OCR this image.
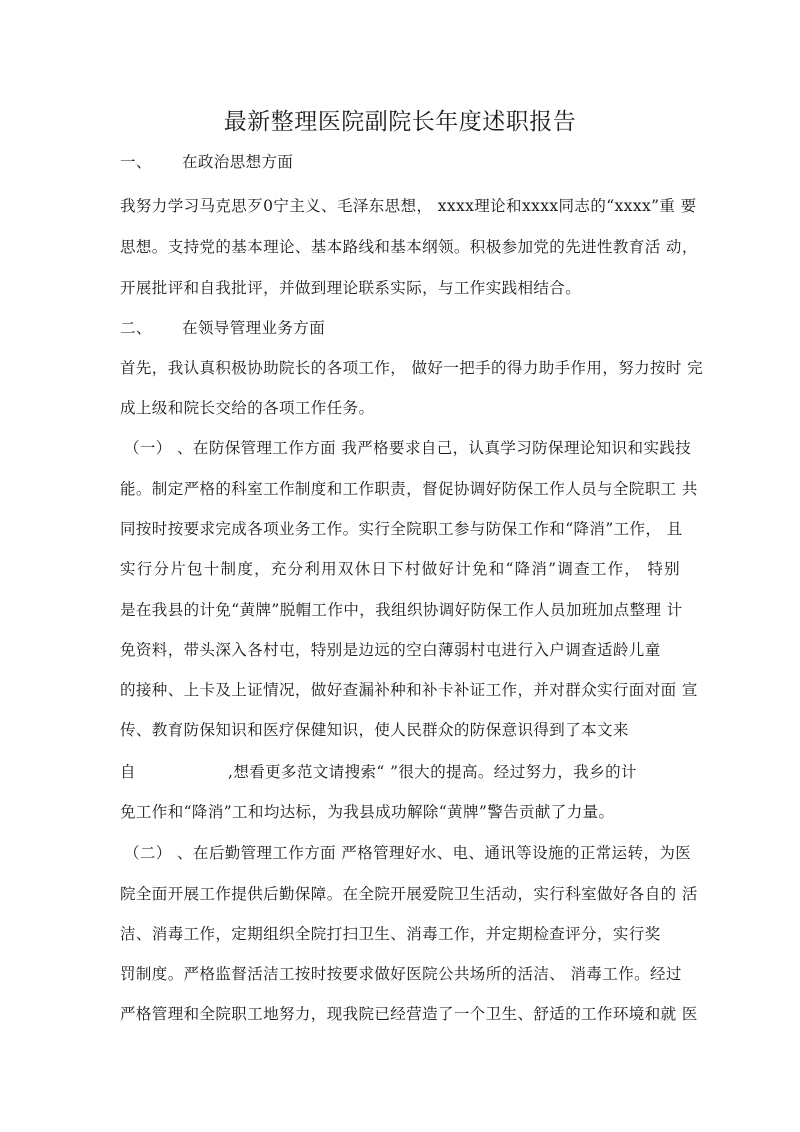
最新整理医院副院长年度述职报告
一、 在政治思想方面
我努力学习马克思歹0宁主义、毛泽东思想， xxxx理论和xxxx同志的“xxxx”重 要
思想。支持党的基本理论、基本路线和基本纲领。积极参加党的先进性教育活 动，
开展批评和自我批评，并做到理论联系实际，与工作实践相结合。
二、 在领导管理业务方面
首先，我认真积极协助院长的各项工作， 做好一把手的得力助手作用，努力按时 完
成上级和院长交给的各项工作任务。
（一） 、在防保管理工作方面 我严格要求自己，认真学习防保理论知识和实践技
能。制定严格的科室工作制度和工作职责，督促协调好防保工作人员与全院职工 共
同按时按要求完成各项业务工作。实行全院职工参与防保工作和“降消”工作， 且
实行分片包十制度，充分利用双休日下村做好计免和“降消”调查工作， 特别
是在我县的计免“黄牌”脱帽工作中，我组织协调好防保工作人员加班加点整理 计
免资料，带头深入各村屯，特别是边远的空白薄弱村屯进行入户调查适龄儿童
的接种、上卡及上证情况，做好查漏补种和补卡补证工作，并对群众实行面对面 宣
传、教育防保知识和医疗保健知识，使人民群众的防保意识得到了本文来
自	,想看更多范文请搜索“ ”很大的提高。经过努力，我乡的计
免工作和“降消”工和均达标，为我县成功解除“黄牌”警告贡献了力量。
（二） 、在后勤管理工作方面 严格管理好水、电、通讯等设施的正常运转，为医
院全面开展工作提供后勤保障。在全院开展爱院卫生活动，实行科室做好各自的 活
洁、消毒工作，定期组织全院打扫卫生、消毒工作，并定期检查评分，实行奖
罚制度。严格监督活洁工按时按要求做好医院公共场所的活洁、 消毒工作。经过
严格管理和全院职工地努力，现我院已经营造了一个卫生、舒适的工作环境和就 医
